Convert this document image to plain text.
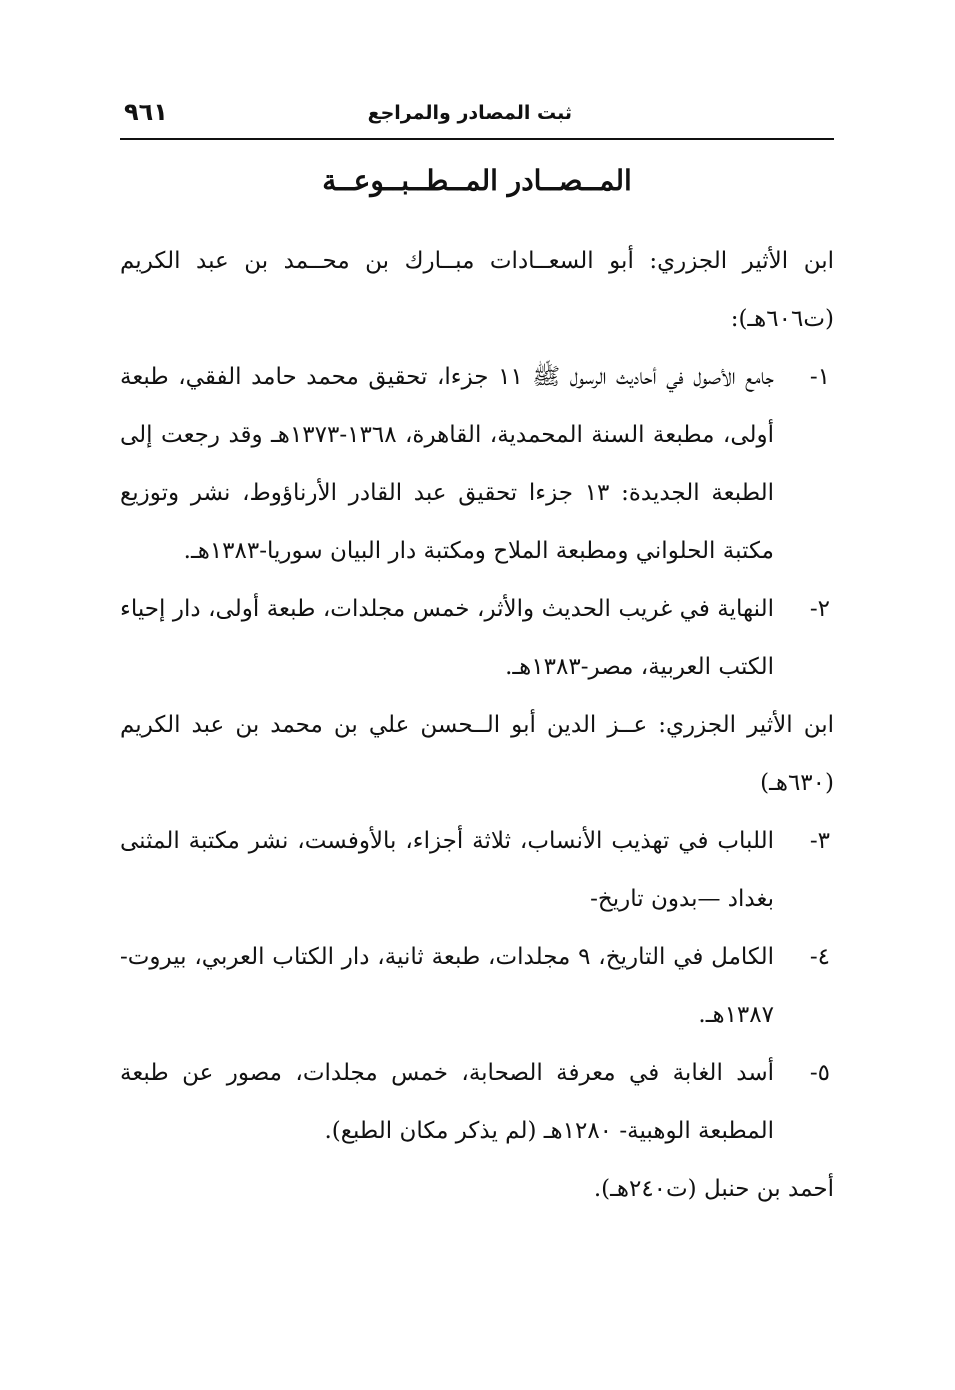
٩٦١	ثبت المصادر والمراجع
المــصــادر المــطــبــوعــة

ابن الأثير الجزري: أبو السعــادات مبــارك بن محــمد بن عبد الكريم (ت٦٠٦هـ):

١-

جامع الأصول في أحاديث الرسول ﷺ ١١ جزءا، تحقيق محمد حامد الفقي، طبعة أولى، مطبعة السنة المحمدية، القاهرة، ١٣٦٨-١٣٧٣هـ وقد رجعت إلى الطبعة الجديدة: ١٣ جزءا تحقيق عبد القادر الأرناؤوط، نشر وتوزيع مكتبة الحلواني ومطبعة الملاح ومكتبة دار البيان سوريا-١٣٨٣هـ.

٢-

النهاية في غريب الحديث والأثر، خمس مجلدات، طبعة أولى، دار إحياء الكتب العربية، مصر-١٣٨٣هـ.

ابن الأثير الجزري: عــز الدين أبو الــحسن علي بن محمد بن عبد الكريم (٦٣٠هـ)

٣-

اللباب في تهذيب الأنساب، ثلاثة أجزاء، بالأوفست، نشر مكتبة المثنى بغداد —بدون تاريخ-

٤-

الكامل في التاريخ، ٩ مجلدات، طبعة ثانية، دار الكتاب العربي، بيروت- ١٣٨٧هـ.

٥-

أسد الغابة في معرفة الصحابة، خمس مجلدات، مصور عن طبعة المطبعة الوهبية- ١٢٨٠هـ (لم يذكر مكان الطبع).

أحمد بن حنبل (ت٢٤٠هـ).
